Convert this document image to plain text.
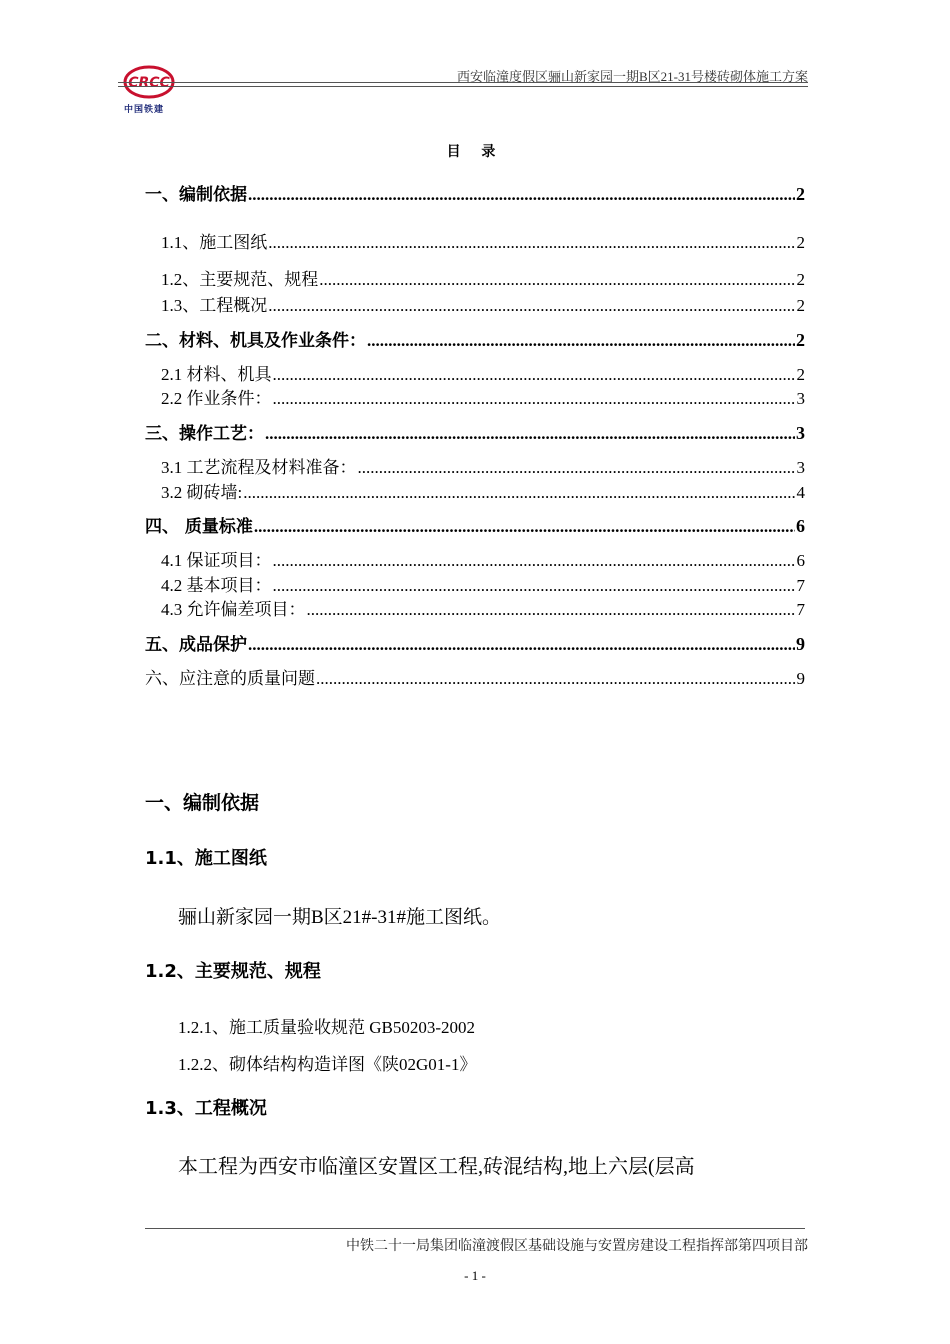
CRCC
中国铁建
西安临潼度假区骊山新家园一期B区21-31号楼砖砌体施工方案
目 录
一、编制依据 .....	2
1.1、施工图纸 .....	2
1.2、主要规范、规程 .....	2
1.3、工程概况 .....	2
二、材料、机具及作业条件： .....	2
2.1 材料、机具 .....	2
2.2 作业条件： .....	3
三、操作工艺： .....	3
3.1 工艺流程及材料准备： .....	3
3.2 砌砖墙: .....	4
四、 质量标准 .....	6
4.1 保证项目： .....	6
4.2 基本项目： .....	7
4.3 允许偏差项目： .....	7
五、成品保护 .....	9
六、应注意的质量问题 .....	9
一、编制依据
1.1、施工图纸
骊山新家园一期B区21#-31#施工图纸。
1.2、主要规范、规程
1.2.1、施工质量验收规范 GB50203-2002
1.2.2、砌体结构构造详图《陕02G01-1》
1.3、工程概况
本工程为西安市临潼区安置区工程,砖混结构,地上六层(层高
中铁二十一局集团临潼渡假区基础设施与安置房建设工程指挥部第四项目部
- 1 -
